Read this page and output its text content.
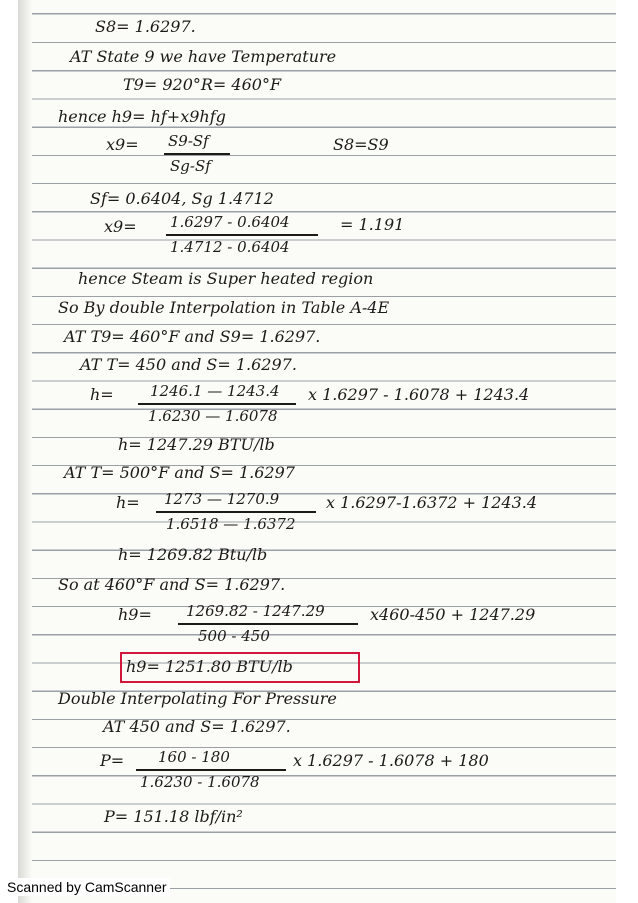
S8= 1.6297.
AT State 9 we have Temperature
T9= 920°R= 460°F
hence h9= hf+x9hfg
x9= S9-Sf
Sg-Sf
S8=S9
Sf= 0.6404, Sg 1.4712
x9= 1.6297 - 0.6404
1.4712 - 0.6404
= 1.191
hence Steam is Super heated region
So By double Interpolation in Table A-4E
AT T9= 460°F and S9= 1.6297.
AT T= 450 and S= 1.6297.
h= 1246.1 — 1243.4
1.6230 — 1.6078
x 1.6297 - 1.6078 + 1243.4
h= 1247.29 BTU/lb
AT T= 500°F and S= 1.6297
h= 1273 — 1270.9
1.6518 — 1.6372
x 1.6297-1.6372 + 1243.4
h= 1269.82 Btu/lb
So at 460°F and S= 1.6297.
h9= 1269.82 - 1247.29
500 - 450
x460-450 + 1247.29
h9= 1251.80 BTU/lb
Double Interpolating For Pressure
AT 450 and S= 1.6297.
P= 160 - 180
1.6230 - 1.6078
x 1.6297 - 1.6078 + 180
P= 151.18 lbf/in²
Scanned by CamScanner
